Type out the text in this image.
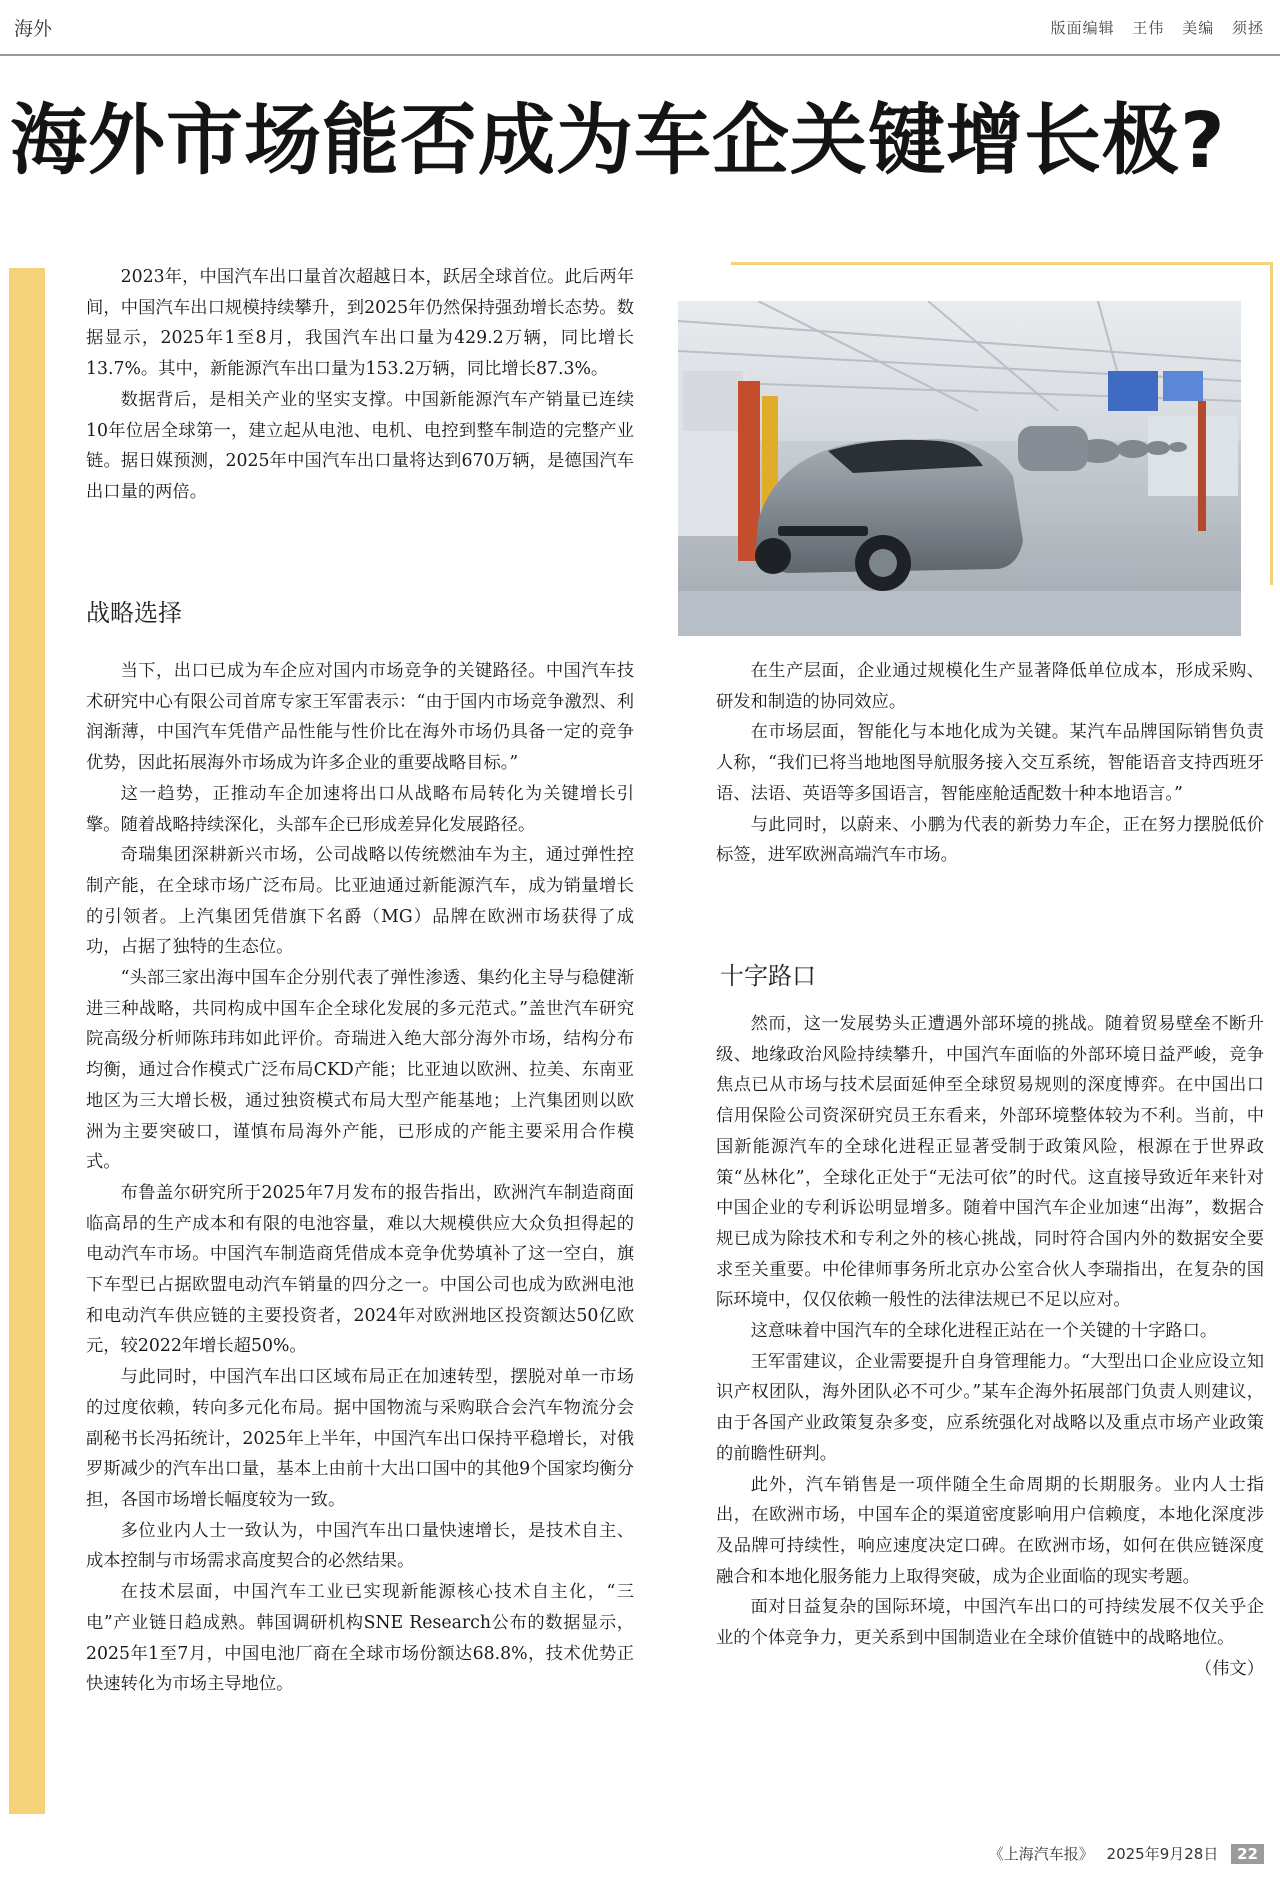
海外	版面编辑 王伟 美编 须拯
海外市场能否成为车企关键增长极?

2023年，中国汽车出口量首次超越日本，跃居全球首位。此后两年间，中国汽车出口规模持续攀升，到2025年仍然保持强劲增长态势。数据显示，2025年1至8月，我国汽车出口量为429.2万辆，同比增长13.7%。其中，新能源汽车出口量为153.2万辆，同比增长87.3%。

数据背后，是相关产业的坚实支撑。中国新能源汽车产销量已连续10年位居全球第一，建立起从电池、电机、电控到整车制造的完整产业链。据日媒预测，2025年中国汽车出口量将达到670万辆，是德国汽车出口量的两倍。

战略选择

当下，出口已成为车企应对国内市场竞争的关键路径。中国汽车技术研究中心有限公司首席专家王军雷表示：“由于国内市场竞争激烈、利润渐薄，中国汽车凭借产品性能与性价比在海外市场仍具备一定的竞争优势，因此拓展海外市场成为许多企业的重要战略目标。”

这一趋势，正推动车企加速将出口从战略布局转化为关键增长引擎。随着战略持续深化，头部车企已形成差异化发展路径。

奇瑞集团深耕新兴市场，公司战略以传统燃油车为主，通过弹性控制产能，在全球市场广泛布局。比亚迪通过新能源汽车，成为销量增长的引领者。上汽集团凭借旗下名爵（MG）品牌在欧洲市场获得了成功，占据了独特的生态位。

“头部三家出海中国车企分别代表了弹性渗透、集约化主导与稳健渐进三种战略，共同构成中国车企全球化发展的多元范式。”盖世汽车研究院高级分析师陈玮玮如此评价。奇瑞进入绝大部分海外市场，结构分布均衡，通过合作模式广泛布局CKD产能；比亚迪以欧洲、拉美、东南亚地区为三大增长极，通过独资模式布局大型产能基地；上汽集团则以欧洲为主要突破口，谨慎布局海外产能，已形成的产能主要采用合作模式。

布鲁盖尔研究所于2025年7月发布的报告指出，欧洲汽车制造商面临高昂的生产成本和有限的电池容量，难以大规模供应大众负担得起的电动汽车市场。中国汽车制造商凭借成本竞争优势填补了这一空白，旗下车型已占据欧盟电动汽车销量的四分之一。中国公司也成为欧洲电池和电动汽车供应链的主要投资者，2024年对欧洲地区投资额达50亿欧元，较2022年增长超50%。

与此同时，中国汽车出口区域布局正在加速转型，摆脱对单一市场的过度依赖，转向多元化布局。据中国物流与采购联合会汽车物流分会副秘书长冯拓统计，2025年上半年，中国汽车出口保持平稳增长，对俄罗斯减少的汽车出口量，基本上由前十大出口国中的其他9个国家均衡分担，各国市场增长幅度较为一致。

多位业内人士一致认为，中国汽车出口量快速增长，是技术自主、成本控制与市场需求高度契合的必然结果。

在技术层面，中国汽车工业已实现新能源核心技术自主化，“三电”产业链日趋成熟。韩国调研机构SNE Research公布的数据显示，2025年1至7月，中国电池厂商在全球市场份额达68.8%，技术优势正快速转化为市场主导地位。

在生产层面，企业通过规模化生产显著降低单位成本，形成采购、研发和制造的协同效应。

在市场层面，智能化与本地化成为关键。某汽车品牌国际销售负责人称，“我们已将当地地图导航服务接入交互系统，智能语音支持西班牙语、法语、英语等多国语言，智能座舱适配数十种本地语言。”

与此同时，以蔚来、小鹏为代表的新势力车企，正在努力摆脱低价标签，进军欧洲高端汽车市场。

十字路口

然而，这一发展势头正遭遇外部环境的挑战。随着贸易壁垒不断升级、地缘政治风险持续攀升，中国汽车面临的外部环境日益严峻，竞争焦点已从市场与技术层面延伸至全球贸易规则的深度博弈。在中国出口信用保险公司资深研究员王东看来，外部环境整体较为不利。当前，中国新能源汽车的全球化进程正显著受制于政策风险，根源在于世界政策“丛林化”，全球化正处于“无法可依”的时代。这直接导致近年来针对中国企业的专利诉讼明显增多。随着中国汽车企业加速“出海”，数据合规已成为除技术和专利之外的核心挑战，同时符合国内外的数据安全要求至关重要。中伦律师事务所北京办公室合伙人李瑞指出，在复杂的国际环境中，仅仅依赖一般性的法律法规已不足以应对。

这意味着中国汽车的全球化进程正站在一个关键的十字路口。

王军雷建议，企业需要提升自身管理能力。“大型出口企业应设立知识产权团队，海外团队必不可少。”某车企海外拓展部门负责人则建议，由于各国产业政策复杂多变，应系统强化对战略以及重点市场产业政策的前瞻性研判。

此外，汽车销售是一项伴随全生命周期的长期服务。业内人士指出，在欧洲市场，中国车企的渠道密度影响用户信赖度，本地化深度涉及品牌可持续性，响应速度决定口碑。在欧洲市场，如何在供应链深度融合和本地化服务能力上取得突破，成为企业面临的现实考题。

面对日益复杂的国际环境，中国汽车出口的可持续发展不仅关乎企业的个体竞争力，更关系到中国制造业在全球价值链中的战略地位。

（伟文）
《上海汽车报》 2025年9月28日 22
